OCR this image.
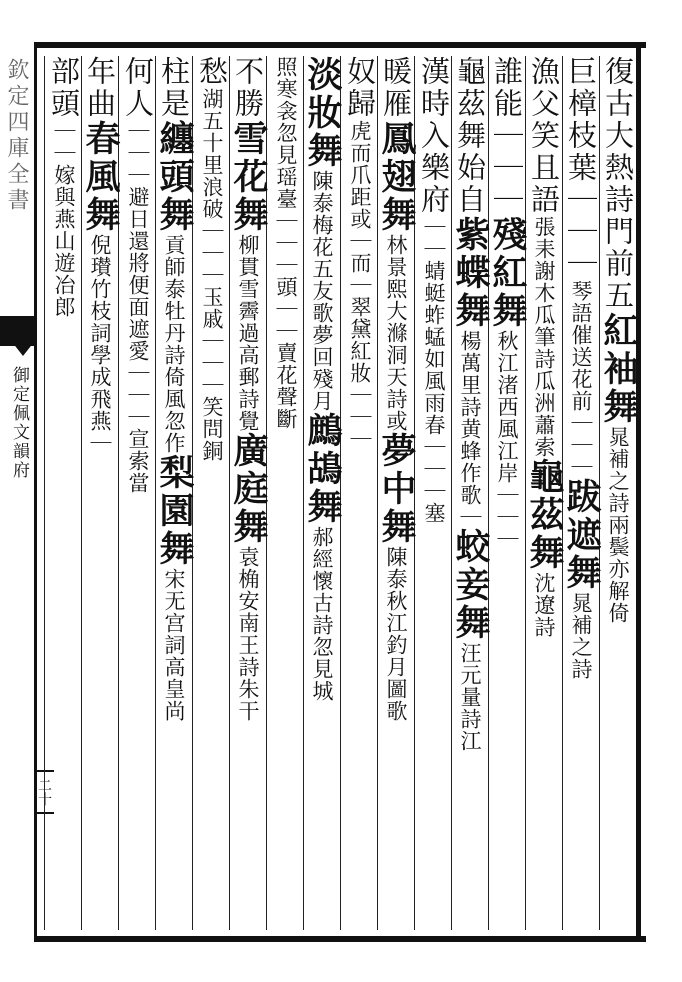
欽定四庫全書
御定佩文韻府
二十
復古大熱詩門前五紅袖舞晁補之詩兩鬓亦解倚
巨樟枝葉｜｜｜琴語催送花前｜｜｜跋遮舞晁補之詩
漁父笑且語張耒謝木瓜筆詩瓜洲蕭索龜茲舞沈遼詩
誰能｜｜｜殘紅舞秋江渚西風江岸｜｜｜
龜茲舞始自紫蝶舞楊萬里詩黄蜂作歌｜蛟妾舞汪元量詩江
漢時入樂府｜｜蜻蜓蚱蜢如風雨春｜｜｜塞
暖雁鳳翅舞林景熙大滌洞天詩或夢中舞陳泰秋江釣月圖歌
奴歸虎而爪距或｜而｜翠黛紅妝｜｜｜
淡妝舞陳泰梅花五友歌夢回殘月鷓鴣舞郝經懷古詩忽見城
照寒衾忽見瑶臺｜｜｜頭｜｜賣花聲斷
不勝雪花舞柳貫雪霽過高郵詩覺廣庭舞袁桷安南王詩朱干
愁湖五十里浪破｜｜｜玉戚｜｜｜笑問銅
柱是纏頭舞貢師泰牡丹詩倚風忽作梨園舞宋无宫詞高皇尚
何人｜｜｜避日還將便面遮愛｜｜｜宣索當
年曲春風舞倪瓉竹枝詞學成飛燕｜
部頭｜｜嫁與燕山遊冶郎
